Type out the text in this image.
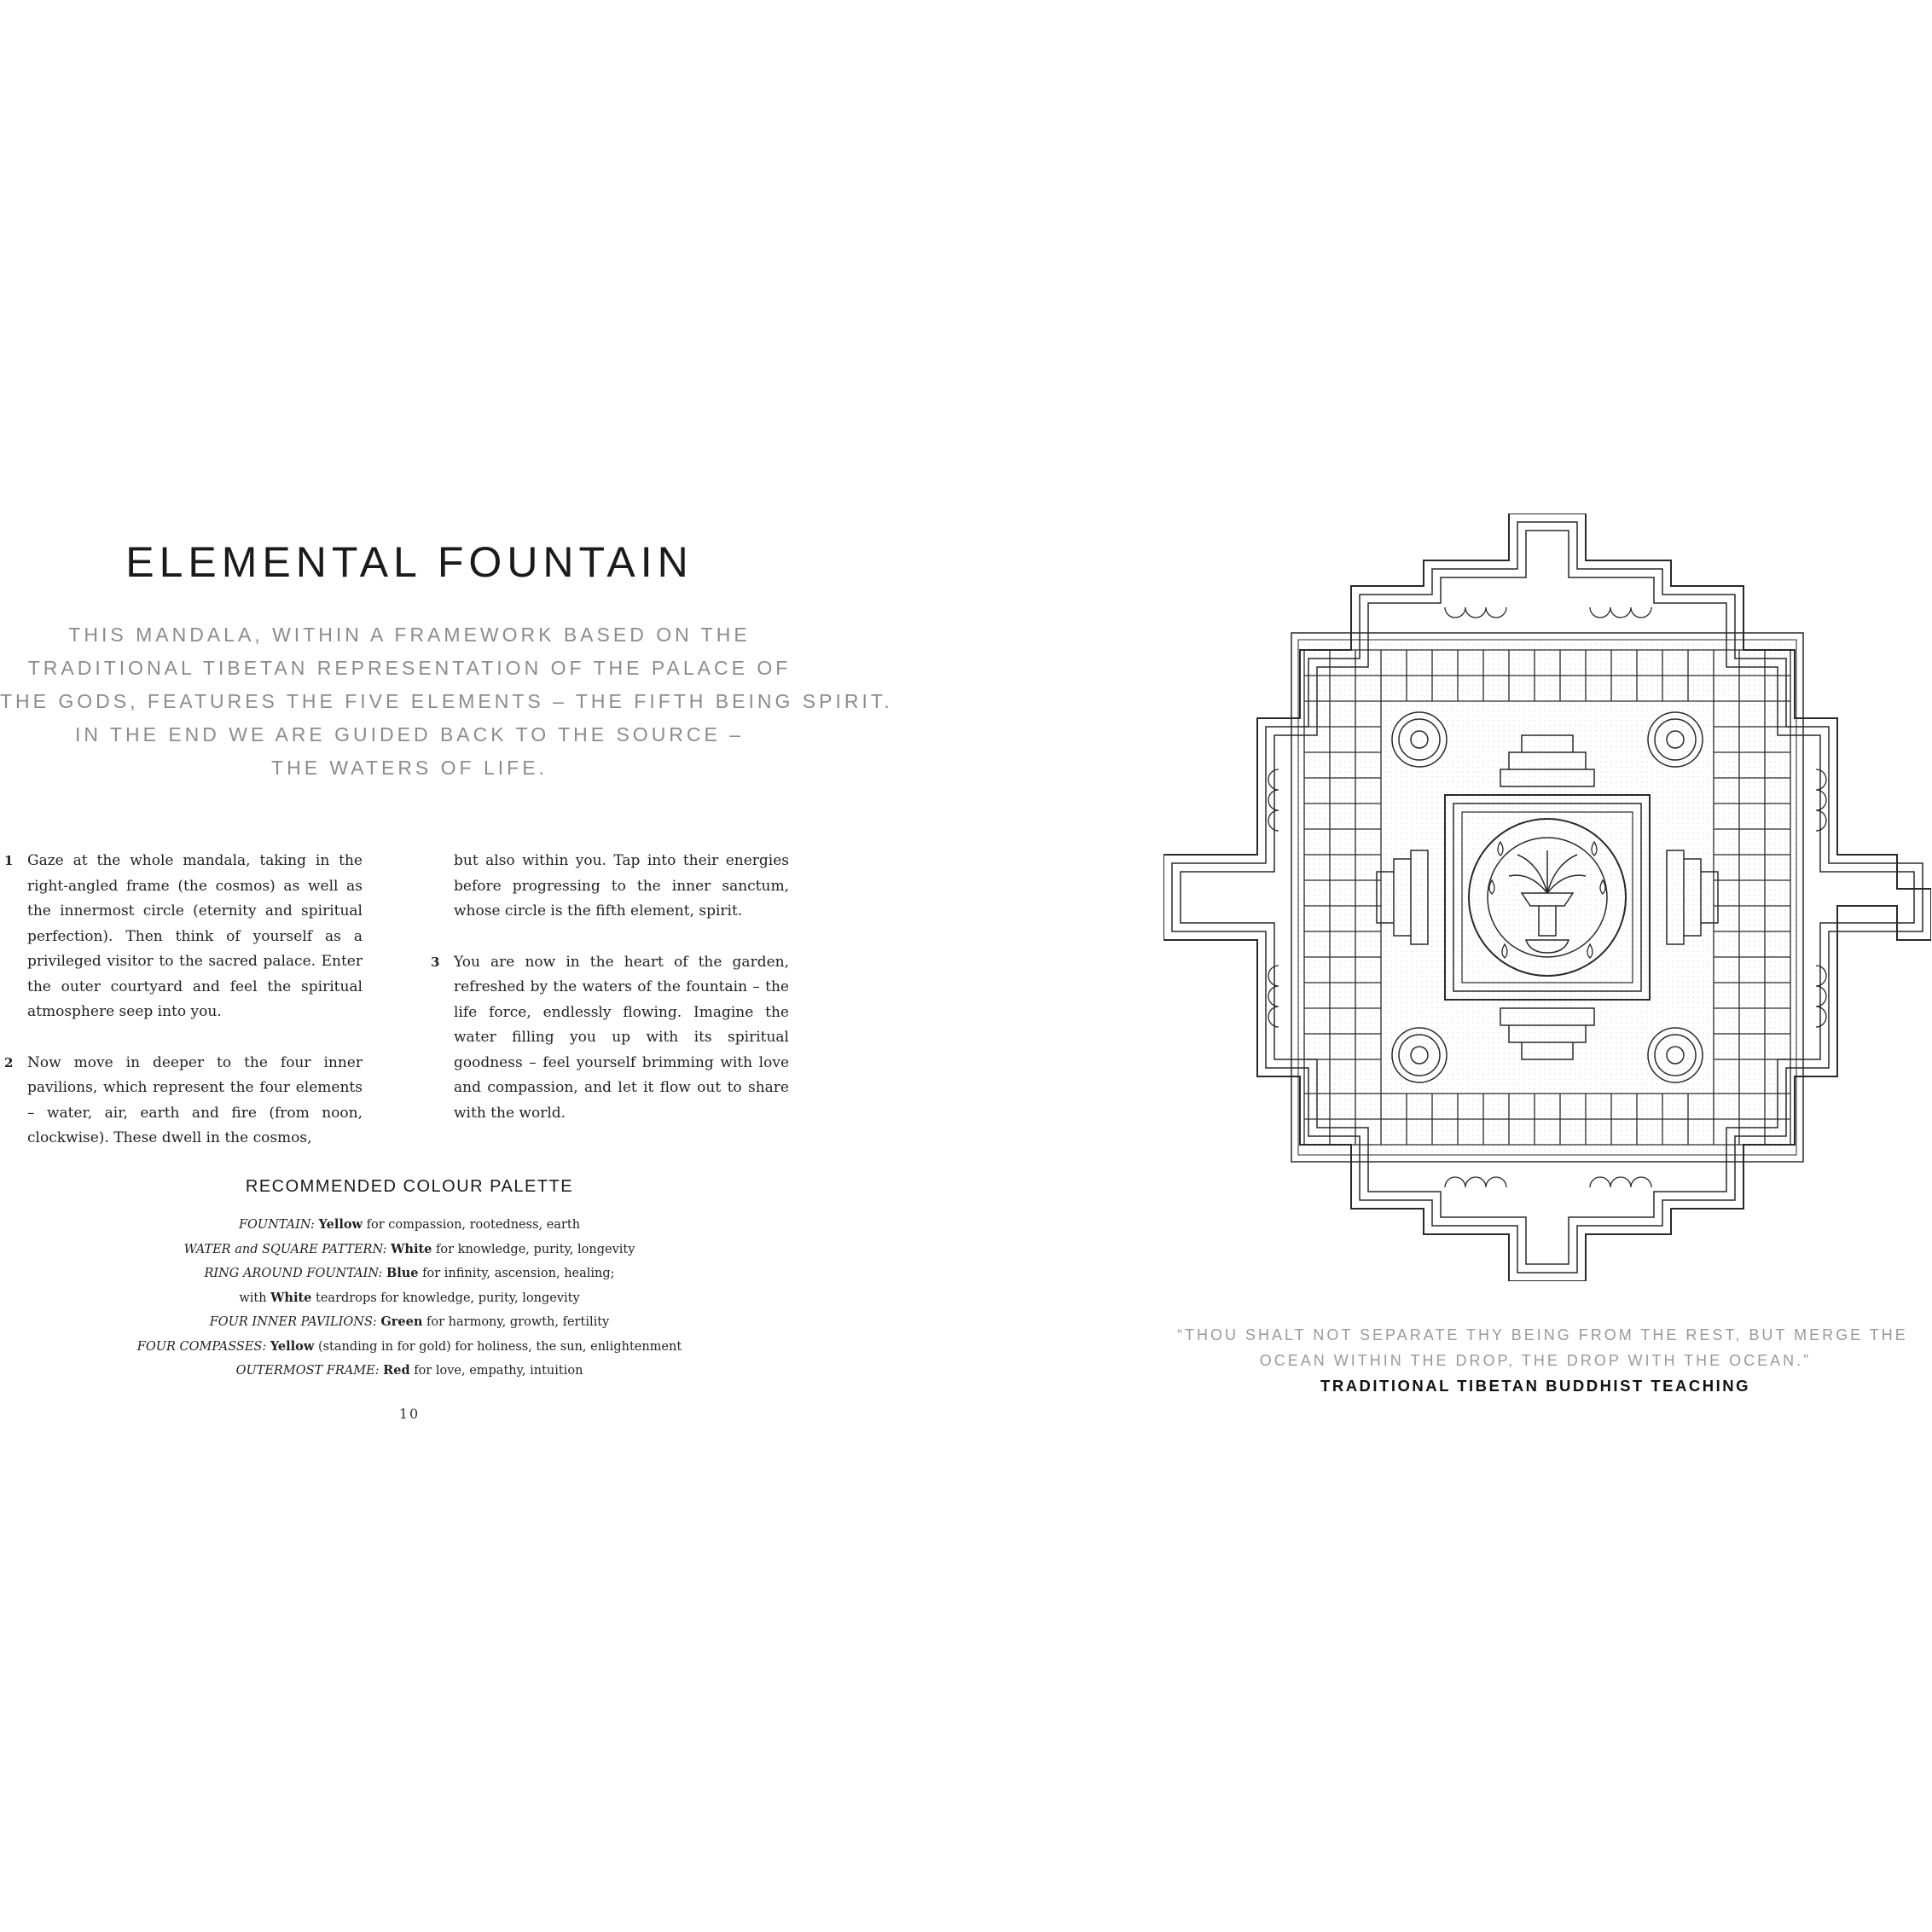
ELEMENTAL FOUNTAIN
THIS MANDALA, WITHIN A FRAMEWORK BASED ON THE
TRADITIONAL TIBETAN REPRESENTATION OF THE PALACE OF
THE GODS, FEATURES THE FIVE ELEMENTS – THE FIFTH BEING SPIRIT.
IN THE END WE ARE GUIDED BACK TO THE SOURCE –
THE WATERS OF LIFE.
1 Gaze at the whole mandala, taking in the right-angled frame (the cosmos) as well as the innermost circle (eternity and spiritual perfection). Then think of yourself as a privileged visitor to the sacred palace. Enter the outer courtyard and feel the spiritual atmosphere seep into you.
2 Now move in deeper to the four inner pavilions, which represent the four elements – water, air, earth and fire (from noon, clockwise). These dwell in the cosmos,
but also within you. Tap into their energies before progressing to the inner sanctum, whose circle is the fifth element, spirit.
3 You are now in the heart of the garden, refreshed by the waters of the fountain – the life force, endlessly flowing. Imagine the water filling you up with its spiritual goodness – feel yourself brimming with love and compassion, and let it flow out to share with the world.
RECOMMENDED COLOUR PALETTE
FOUNTAIN: Yellow for compassion, rootedness, earth
WATER and SQUARE PATTERN: White for knowledge, purity, longevity
RING AROUND FOUNTAIN: Blue for infinity, ascension, healing;
with White teardrops for knowledge, purity, longevity
FOUR INNER PAVILIONS: Green for harmony, growth, fertility
FOUR COMPASSES: Yellow (standing in for gold) for holiness, the sun, enlightenment
OUTERMOST FRAME: Red for love, empathy, intuition
10
“THOU SHALT NOT SEPARATE THY BEING FROM THE REST, BUT MERGE THE
OCEAN WITHIN THE DROP, THE DROP WITH THE OCEAN.”
TRADITIONAL TIBETAN BUDDHIST TEACHING
